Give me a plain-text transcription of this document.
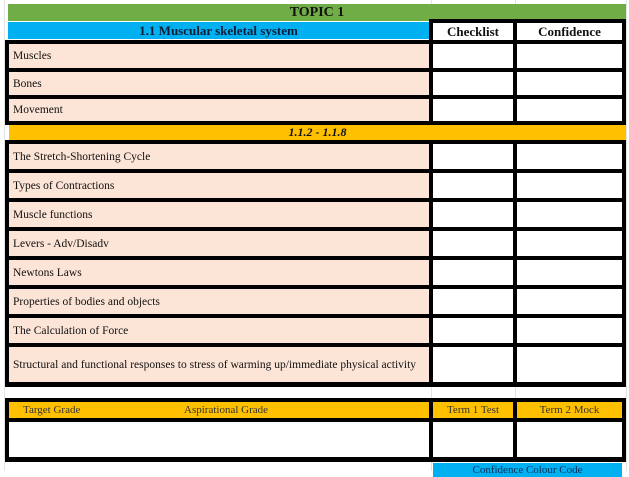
TOPIC 1
1.1 Muscular skeletal system	Checklist	Confidence
Muscles
Bones
Movement
1.1.2 - 1.1.8
The Stretch-Shortening Cycle
Types of Contractions
Muscle functions
Levers - Adv/Disadv
Newtons Laws
Properties of bodies and objects
The Calculation of Force
Structural and functional responses to stress of warming up/immediate physical activity
Target Grade	Aspirational Grade	Term 1 Test	Term 2 Mock
Confidence Colour Code
